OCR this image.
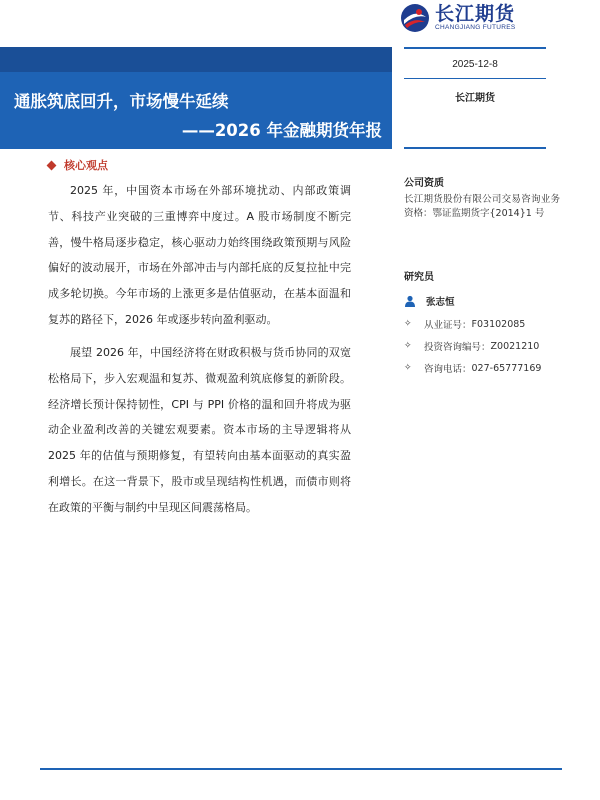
长江期货
CHANGJIANG FUTURES
通胀筑底回升，市场慢牛延续
——2026 年金融期货年报
2025-12-8
长江期货
核心观点

2025 年，中国资本市场在外部环境扰动、内部政策调节、科技产业突破的三重博弈中度过。A 股市场制度不断完善，慢牛格局逐步稳定，核心驱动力始终围绕政策预期与风险偏好的波动展开，市场在外部冲击与内部托底的反复拉扯中完成多轮切换。今年市场的上涨更多是估值驱动，在基本面温和复苏的路径下，2026 年或逐步转向盈利驱动。

展望 2026 年，中国经济将在财政积极与货币协同的双宽松格局下，步入宏观温和复苏、微观盈利筑底修复的新阶段。经济增长预计保持韧性，CPI 与 PPI 价格的温和回升将成为驱动企业盈利改善的关键宏观要素。资本市场的主导逻辑将从 2025 年的估值与预期修复，有望转向由基本面驱动的真实盈利增长。在这一背景下，股市或呈现结构性机遇，而债市则将在政策的平衡与制约中呈现区间震荡格局。

公司资质

长江期货股份有限公司交易咨询业务资格：鄂证监期货字{2014}1 号

研究员
张志恒
✧	从业证号： F03102085
✧	投资咨询编号： Z0021210
✧	咨询电话： 027-65777169
